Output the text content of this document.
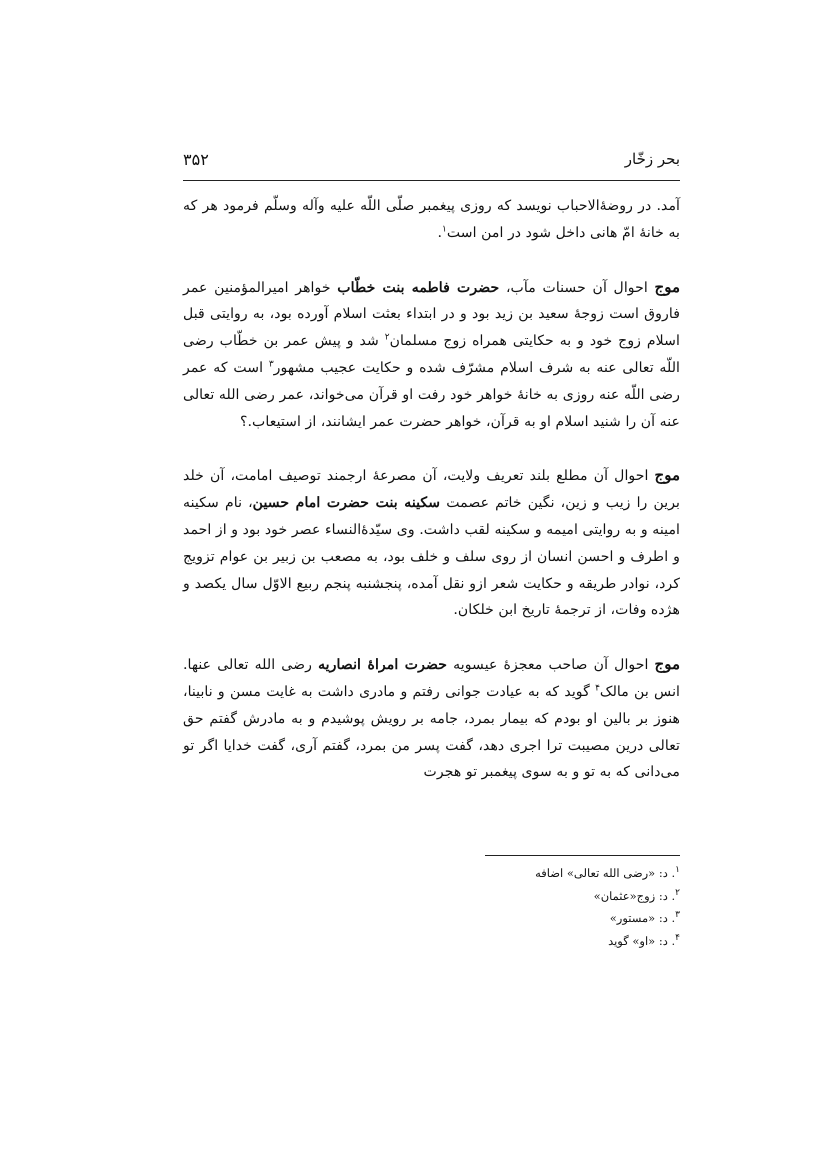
۳۵۲	بحر زخّار

آمد. در روضۀالاحباب نویسد که روزی پیغمبر صلّی اللّه علیه وآله وسلّم فرمود هر که به خانۀ امّ هانی داخل شود در امن است$^۱$.

موج احوال آن حسنات مآب، حضرت فاطمه بنت خطّاب خواهر امیرالمؤمنین عمر فاروق است زوجۀ سعید بن زید بود و در ابتداء بعثت اسلام آورده بود، به روایتی قبل اسلام زوج خود و به حکایتی همراه زوج مسلمان$^۲$ شد و پیش عمر بن خطّاب رضی اللّه تعالی عنه به شرف اسلام مشرّف شده و حکایت عجیب مشهور$^۳$ است که عمر رضی اللّه عنه روزی به خانۀ خواهر خود رفت او قرآن می‌خواند، عمر رضی الله تعالی عنه آن را شنید اسلام او به قرآن، خواهر حضرت عمر ایشانند، از استیعاب.؟

موج احوال آن مطلع بلند تعریف ولایت، آن مصرعۀ ارجمند توصیف امامت، آن خلد برین را زیب و زین، نگین خاتم عصمت سکینه بنت حضرت امام حسین، نام سکینه امینه و به روایتی امیمه و سکینه لقب داشت. وی سیّدۀالنساء عصر خود بود و از احمد و اطرف و احسن انسان از روی سلف و خلف بود، به مصعب بن زبیر بن عوام تزویج کرد، نوادر طریقه و حکایت شعر ازو نقل آمده، پنجشنبه پنجم ربیع الاوّل سال یکصد و هژده وفات، از ترجمۀ تاریخ ابن خلکان.

موج احوال آن صاحب معجزۀ عیسویه حضرت امراۀ انصاریه رضی الله تعالی عنها. انس بن مالک$^۴$ گوید که به عیادت جوانی رفتم و مادری داشت به غایت مسن و نابینا، هنوز بر بالین او بودم که بیمار بمرد، جامه بر رویش پوشیدم و به مادرش گفتم حق تعالی درین مصیبت ترا اجری دهد، گفت پسر من بمرد، گفتم آری، گفت خدایا اگر تو می‌دانی که به تو و به سوی پیغمبر تو هجرت

$^۱$. د: «رضی الله تعالی» اضافه
$^۲$. د: زوج«عثمان»
$^۳$. د: «مستور»
$^۴$. د: «او» گوید
